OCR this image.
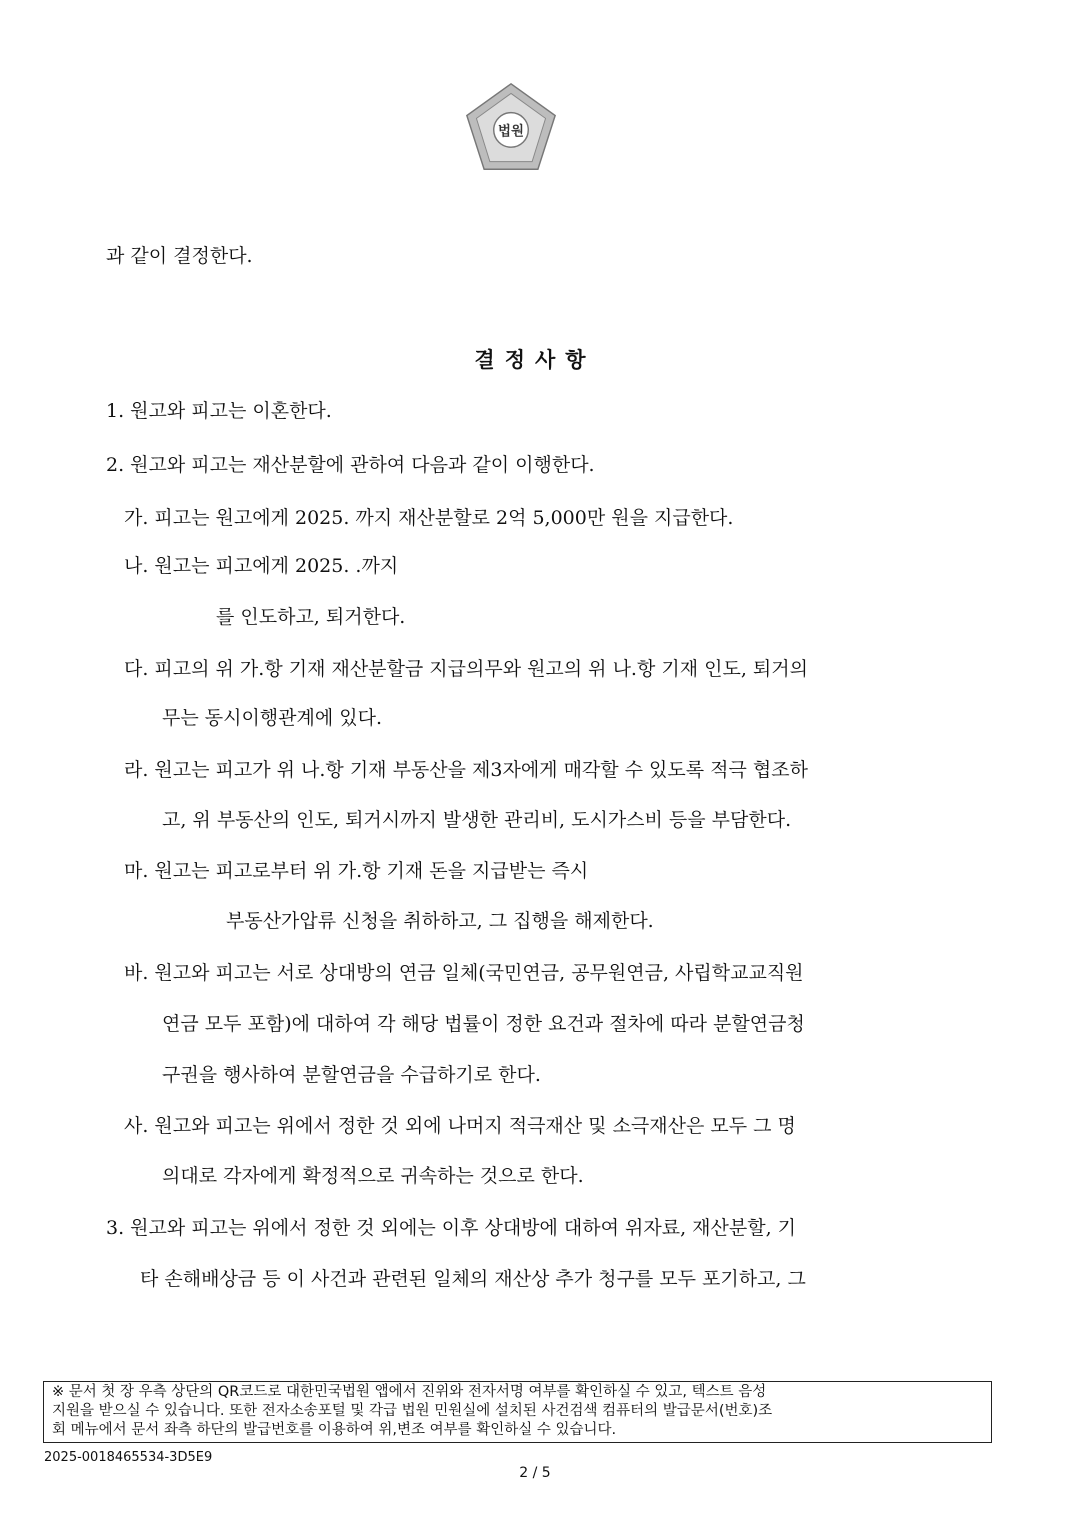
법원
과 같이 결정한다.
결정사항
1. 원고와 피고는 이혼한다.
2. 원고와 피고는 재산분할에 관하여 다음과 같이 이행한다.
가. 피고는 원고에게 2025. 까지 재산분할로 2억 5,000만 원을 지급한다.
나. 원고는 피고에게 2025. .까지
를 인도하고, 퇴거한다.
다. 피고의 위 가.항 기재 재산분할금 지급의무와 원고의 위 나.항 기재 인도, 퇴거의
무는 동시이행관계에 있다.
라. 원고는 피고가 위 나.항 기재 부동산을 제3자에게 매각할 수 있도록 적극 협조하
고, 위 부동산의 인도, 퇴거시까지 발생한 관리비, 도시가스비 등을 부담한다.
마. 원고는 피고로부터 위 가.항 기재 돈을 지급받는 즉시
부동산가압류 신청을 취하하고, 그 집행을 해제한다.
바. 원고와 피고는 서로 상대방의 연금 일체(국민연금, 공무원연금, 사립학교교직원
연금 모두 포함)에 대하여 각 해당 법률이 정한 요건과 절차에 따라 분할연금청
구권을 행사하여 분할연금을 수급하기로 한다.
사. 원고와 피고는 위에서 정한 것 외에 나머지 적극재산 및 소극재산은 모두 그 명
의대로 각자에게 확정적으로 귀속하는 것으로 한다.
3. 원고와 피고는 위에서 정한 것 외에는 이후 상대방에 대하여 위자료, 재산분할, 기
타 손해배상금 등 이 사건과 관련된 일체의 재산상 추가 청구를 모두 포기하고, 그
※ 문서 첫 장 우측 상단의 QR코드로 대한민국법원 앱에서 진위와 전자서명 여부를 확인하실 수 있고, 텍스트 음성
지원을 받으실 수 있습니다. 또한 전자소송포털 및 각급 법원 민원실에 설치된 사건검색 컴퓨터의 발급문서(번호)조
회 메뉴에서 문서 좌측 하단의 발급번호를 이용하여 위,변조 여부를 확인하실 수 있습니다.
2025-0018465534-3D5E9
2 / 5
